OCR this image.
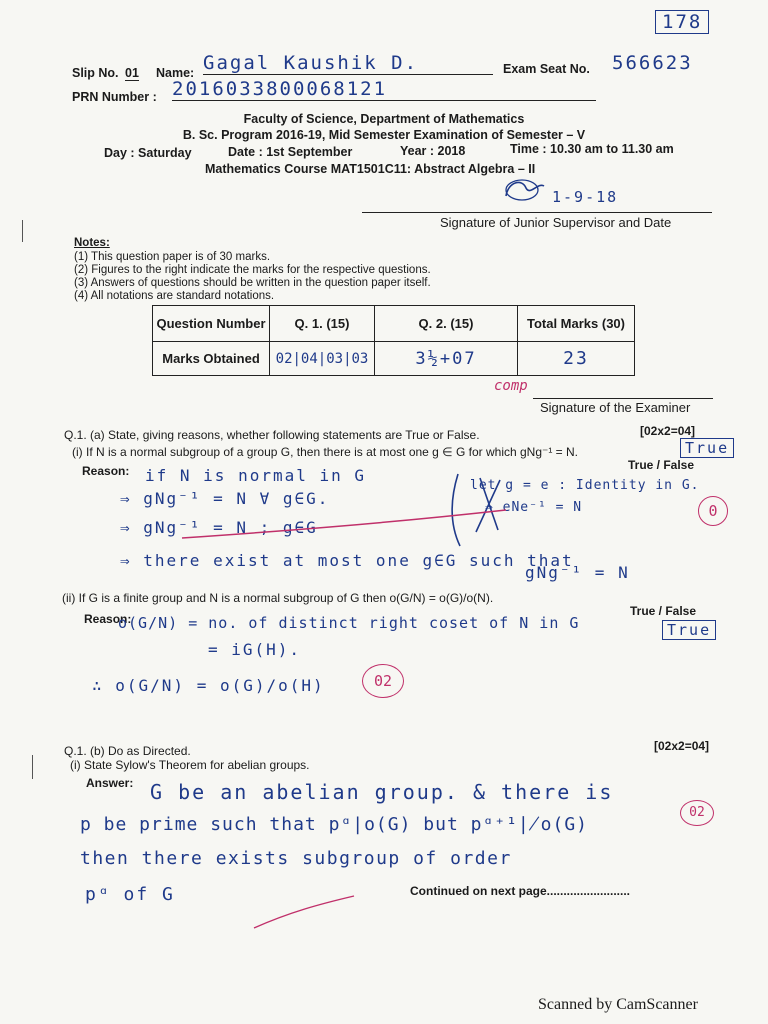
178
Slip No. 01 Name: Gagal Kaushik D.	Exam Seat No. 566623
PRN Number : 2016033800068121
Faculty of Science, Department of Mathematics
B. Sc. Program 2016-19, Mid Semester Examination of Semester – V
Day : Saturday	Date : 1st September	Year : 2018	Time : 10.30 am to 11.30 am
Mathematics Course MAT1501C11: Abstract Algebra – II
1-9-18
Signature of Junior Supervisor and Date
Notes:
(1) This question paper is of 30 marks.
(2) Figures to the right indicate the marks for the respective questions.
(3) Answers of questions should be written in the question paper itself.
(4) All notations are standard notations.
Question Number	Q. 1. (15)	Q. 2. (15)	Total Marks (30)
Marks Obtained	02|04|03|03	3½+07	23
comp
Signature of the Examiner
Q.1. (a) State, giving reasons, whether following statements are True or False.	[02x2=04]
(i) If N is a normal subgroup of a group G, then there is at most one g ∈ G for which gNg⁻¹ = N.	True
True / False
Reason: if N is normal in G
⇒ gNg⁻¹ = N ∀ g∈G.
⇒ gNg⁻¹ = N ; g∈G
⇒ there exist at most one g∈G such that
gNg⁻¹ = N
let g = e : Identity in G.
⇒ eNe⁻¹ = N	0
(ii) If G is a finite group and N is a normal subgroup of G then o(G/N) = o(G)/o(N).
True / False
True
Reason:
o(G/N) = no. of distinct right coset of N in G
= iG(H).
∴ o(G/N) = o(G)/o(H)	02
Q.1. (b) Do as Directed.	[02x2=04]
(i) State Sylow's Theorem for abelian groups.
Answer: G be an abelian group. & there is
p be prime such that pᵅ|o(G) but pᵅ⁺¹∤o(G)
then there exists subgroup of order
pᵅ of G
02
Continued on next page.........................
Scanned by CamScanner
